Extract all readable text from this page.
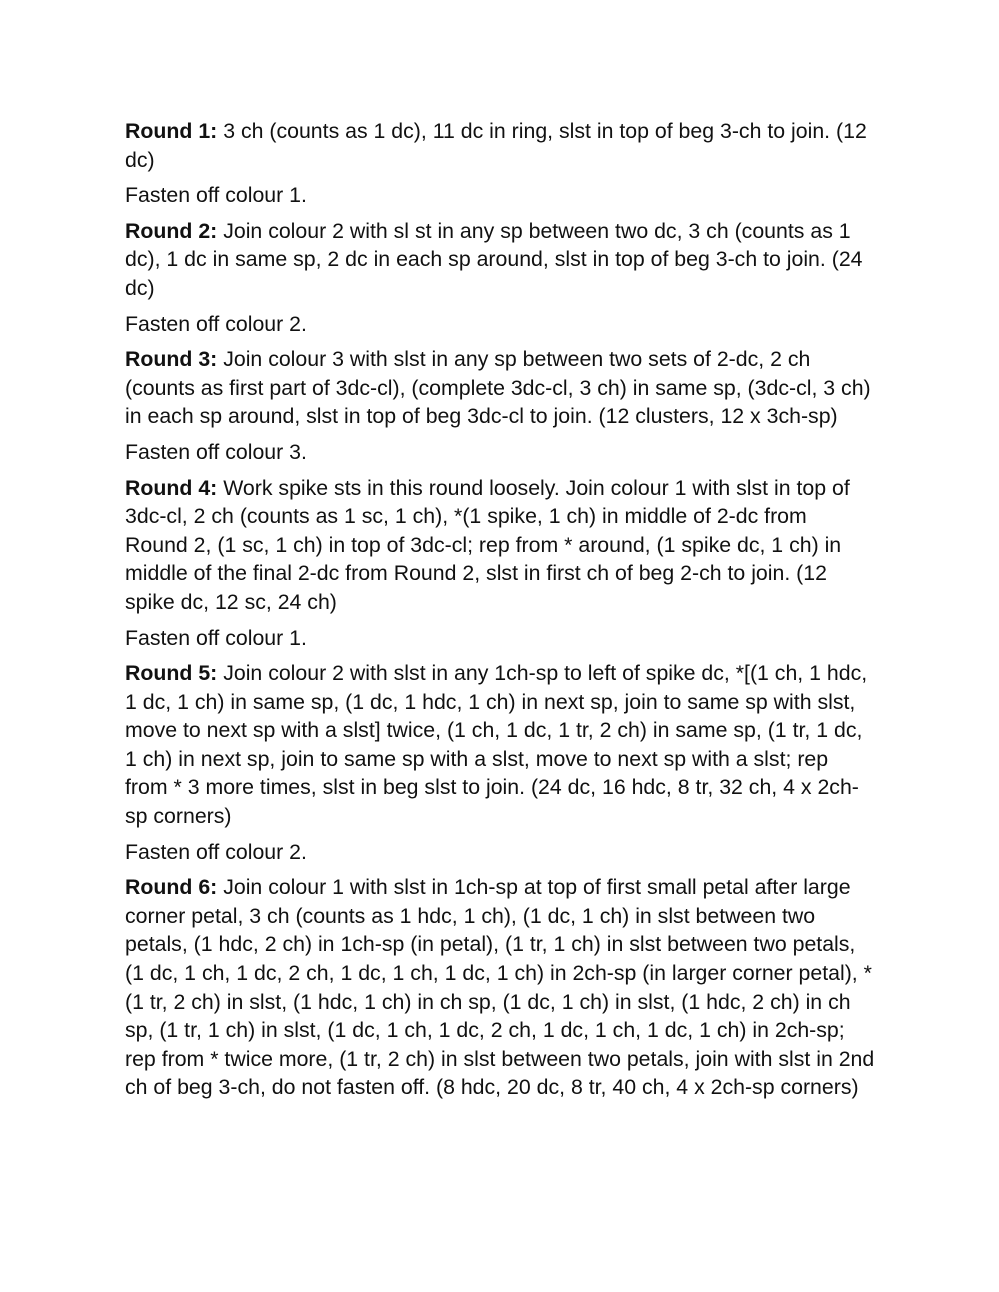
Round 1: 3 ch (counts as 1 dc), 11 dc in ring, slst in top of beg 3-ch to join. (12 dc)

Fasten off colour 1.

Round 2: Join colour 2 with sl st in any sp between two dc, 3 ch (counts as 1 dc), 1 dc in same sp, 2 dc in each sp around, slst in top of beg 3-ch to join. (24 dc)

Fasten off colour 2.

Round 3: Join colour 3 with slst in any sp between two sets of 2-dc, 2 ch (counts as first part of 3dc-cl), (complete 3dc-cl, 3 ch) in same sp, (3dc-cl, 3 ch) in each sp around, slst in top of beg 3dc-cl to join. (12 clusters, 12 x 3ch-sp)

Fasten off colour 3.

Round 4: Work spike sts in this round loosely. Join colour 1 with slst in top of 3dc-cl, 2 ch (counts as 1 sc, 1 ch), *(1 spike, 1 ch) in middle of 2-dc from Round 2, (1 sc, 1 ch) in top of 3dc-cl; rep from * around, (1 spike dc, 1 ch) in middle of the final 2-dc from Round 2, slst in first ch of beg 2-ch to join. (12 spike dc, 12 sc, 24 ch)

Fasten off colour 1.

Round 5: Join colour 2 with slst in any 1ch-sp to left of spike dc, *[(1 ch, 1 hdc, 1 dc, 1 ch) in same sp, (1 dc, 1 hdc, 1 ch) in next sp, join to same sp with slst, move to next sp with a slst] twice, (1 ch, 1 dc, 1 tr, 2 ch) in same sp, (1 tr, 1 dc, 1 ch) in next sp, join to same sp with a slst, move to next sp with a slst; rep from * 3 more times, slst in beg slst to join. (24 dc, 16 hdc, 8 tr, 32 ch, 4 x 2ch-sp corners)

Fasten off colour 2.

Round 6: Join colour 1 with slst in 1ch-sp at top of first small petal after large corner petal, 3 ch (counts as 1 hdc, 1 ch), (1 dc, 1 ch) in slst between two petals, (1 hdc, 2 ch) in 1ch-sp (in petal), (1 tr, 1 ch) in slst between two petals, (1 dc, 1 ch, 1 dc, 2 ch, 1 dc, 1 ch, 1 dc, 1 ch) in 2ch-sp (in larger corner petal), *(1 tr, 2 ch) in slst, (1 hdc, 1 ch) in ch sp, (1 dc, 1 ch) in slst, (1 hdc, 2 ch) in ch sp, (1 tr, 1 ch) in slst, (1 dc, 1 ch, 1 dc, 2 ch, 1 dc, 1 ch, 1 dc, 1 ch) in 2ch-sp; rep from * twice more, (1 tr, 2 ch) in slst between two petals, join with slst in 2nd ch of beg 3-ch, do not fasten off. (8 hdc, 20 dc, 8 tr, 40 ch, 4 x 2ch-sp corners)
